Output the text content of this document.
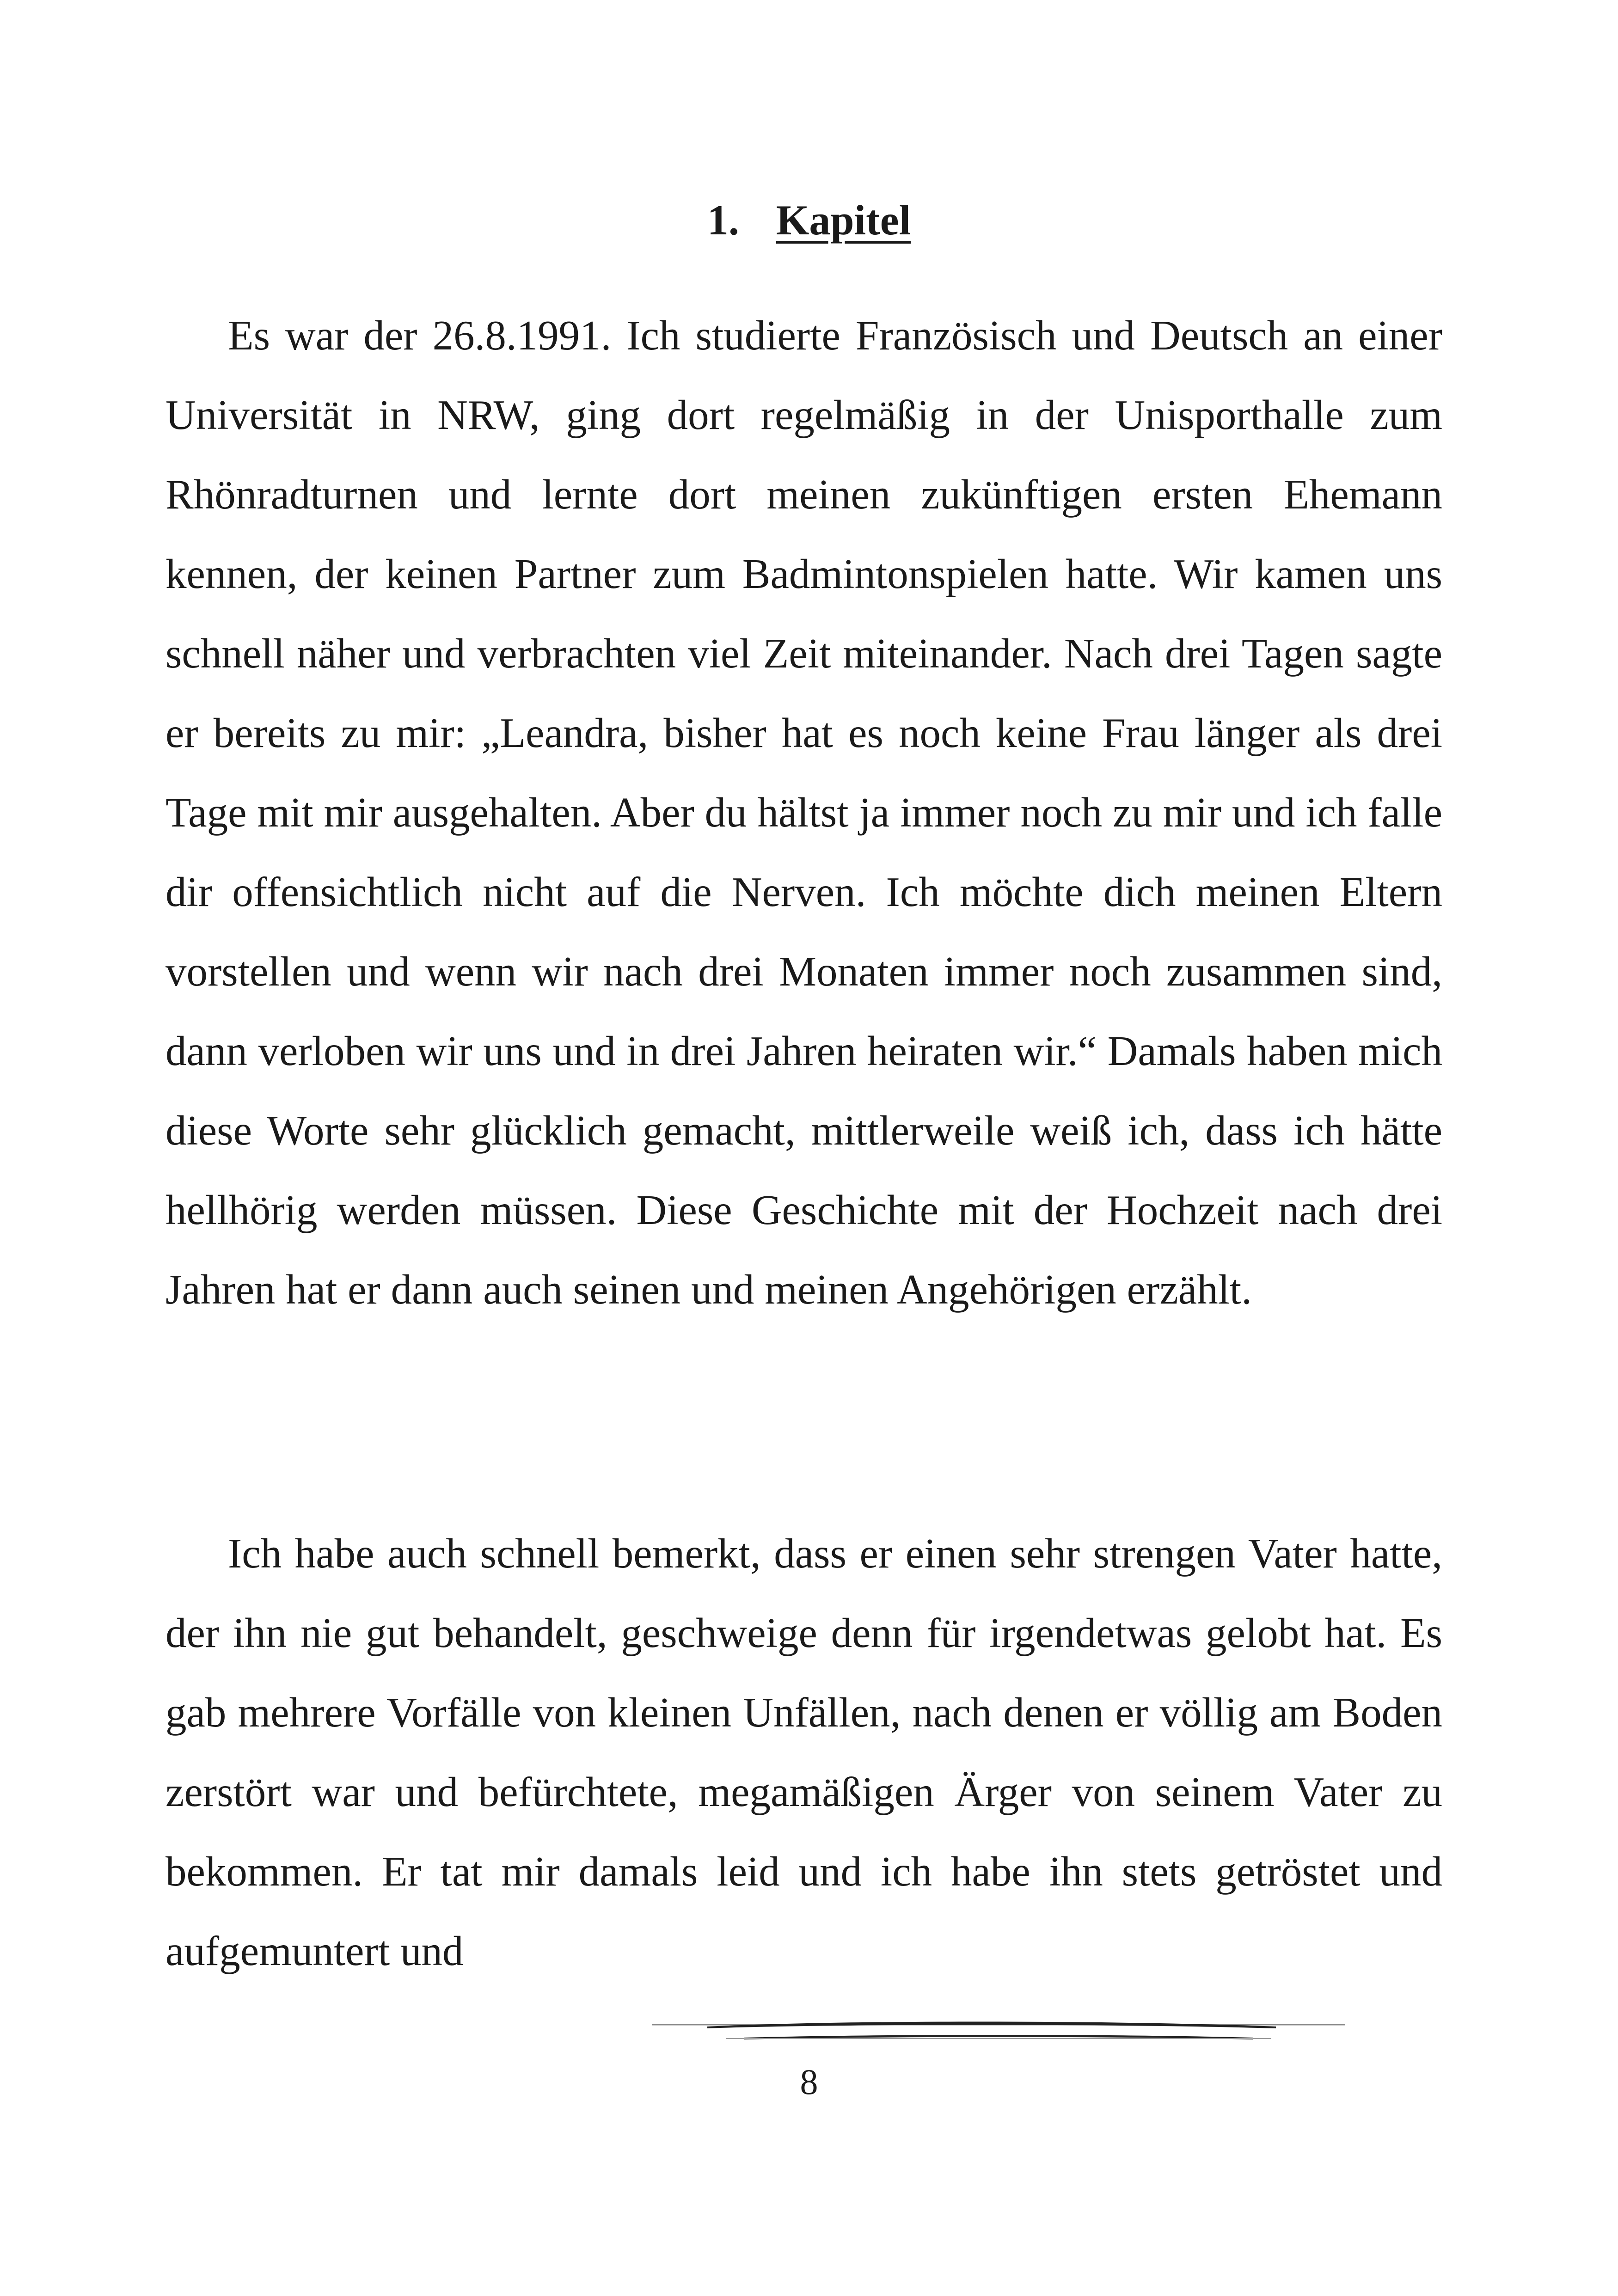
1. Kapitel

Es war der 26.8.1991. Ich studierte Französisch und Deutsch an einer Universität in NRW, ging dort regelmäßig in der Unisporthalle zum Rhönradturnen und lernte dort meinen zukünftigen ersten Ehemann kennen, der keinen Partner zum Badmintonspielen hatte. Wir kamen uns schnell näher und verbrachten viel Zeit miteinander. Nach drei Tagen sagte er bereits zu mir: „Leandra, bisher hat es noch keine Frau länger als drei Tage mit mir ausgehalten. Aber du hältst ja immer noch zu mir und ich falle dir offensichtlich nicht auf die Nerven. Ich möchte dich meinen Eltern vorstellen und wenn wir nach drei Monaten immer noch zusammen sind, dann verloben wir uns und in drei Jahren heiraten wir.“ Damals haben mich diese Worte sehr glücklich gemacht, mittlerweile weiß ich, dass ich hätte hellhörig werden müssen. Diese Geschichte mit der Hochzeit nach drei Jahren hat er dann auch seinen und meinen Angehörigen erzählt.

Ich habe auch schnell bemerkt, dass er einen sehr strengen Vater hatte, der ihn nie gut behandelt, geschweige denn für irgendetwas gelobt hat. Es gab mehrere Vorfälle von kleinen Unfällen, nach denen er völlig am Boden zerstört war und befürchtete, megamäßigen Ärger von seinem Vater zu bekommen. Er tat mir damals leid und ich habe ihn stets getröstet und aufgemuntert und

8
